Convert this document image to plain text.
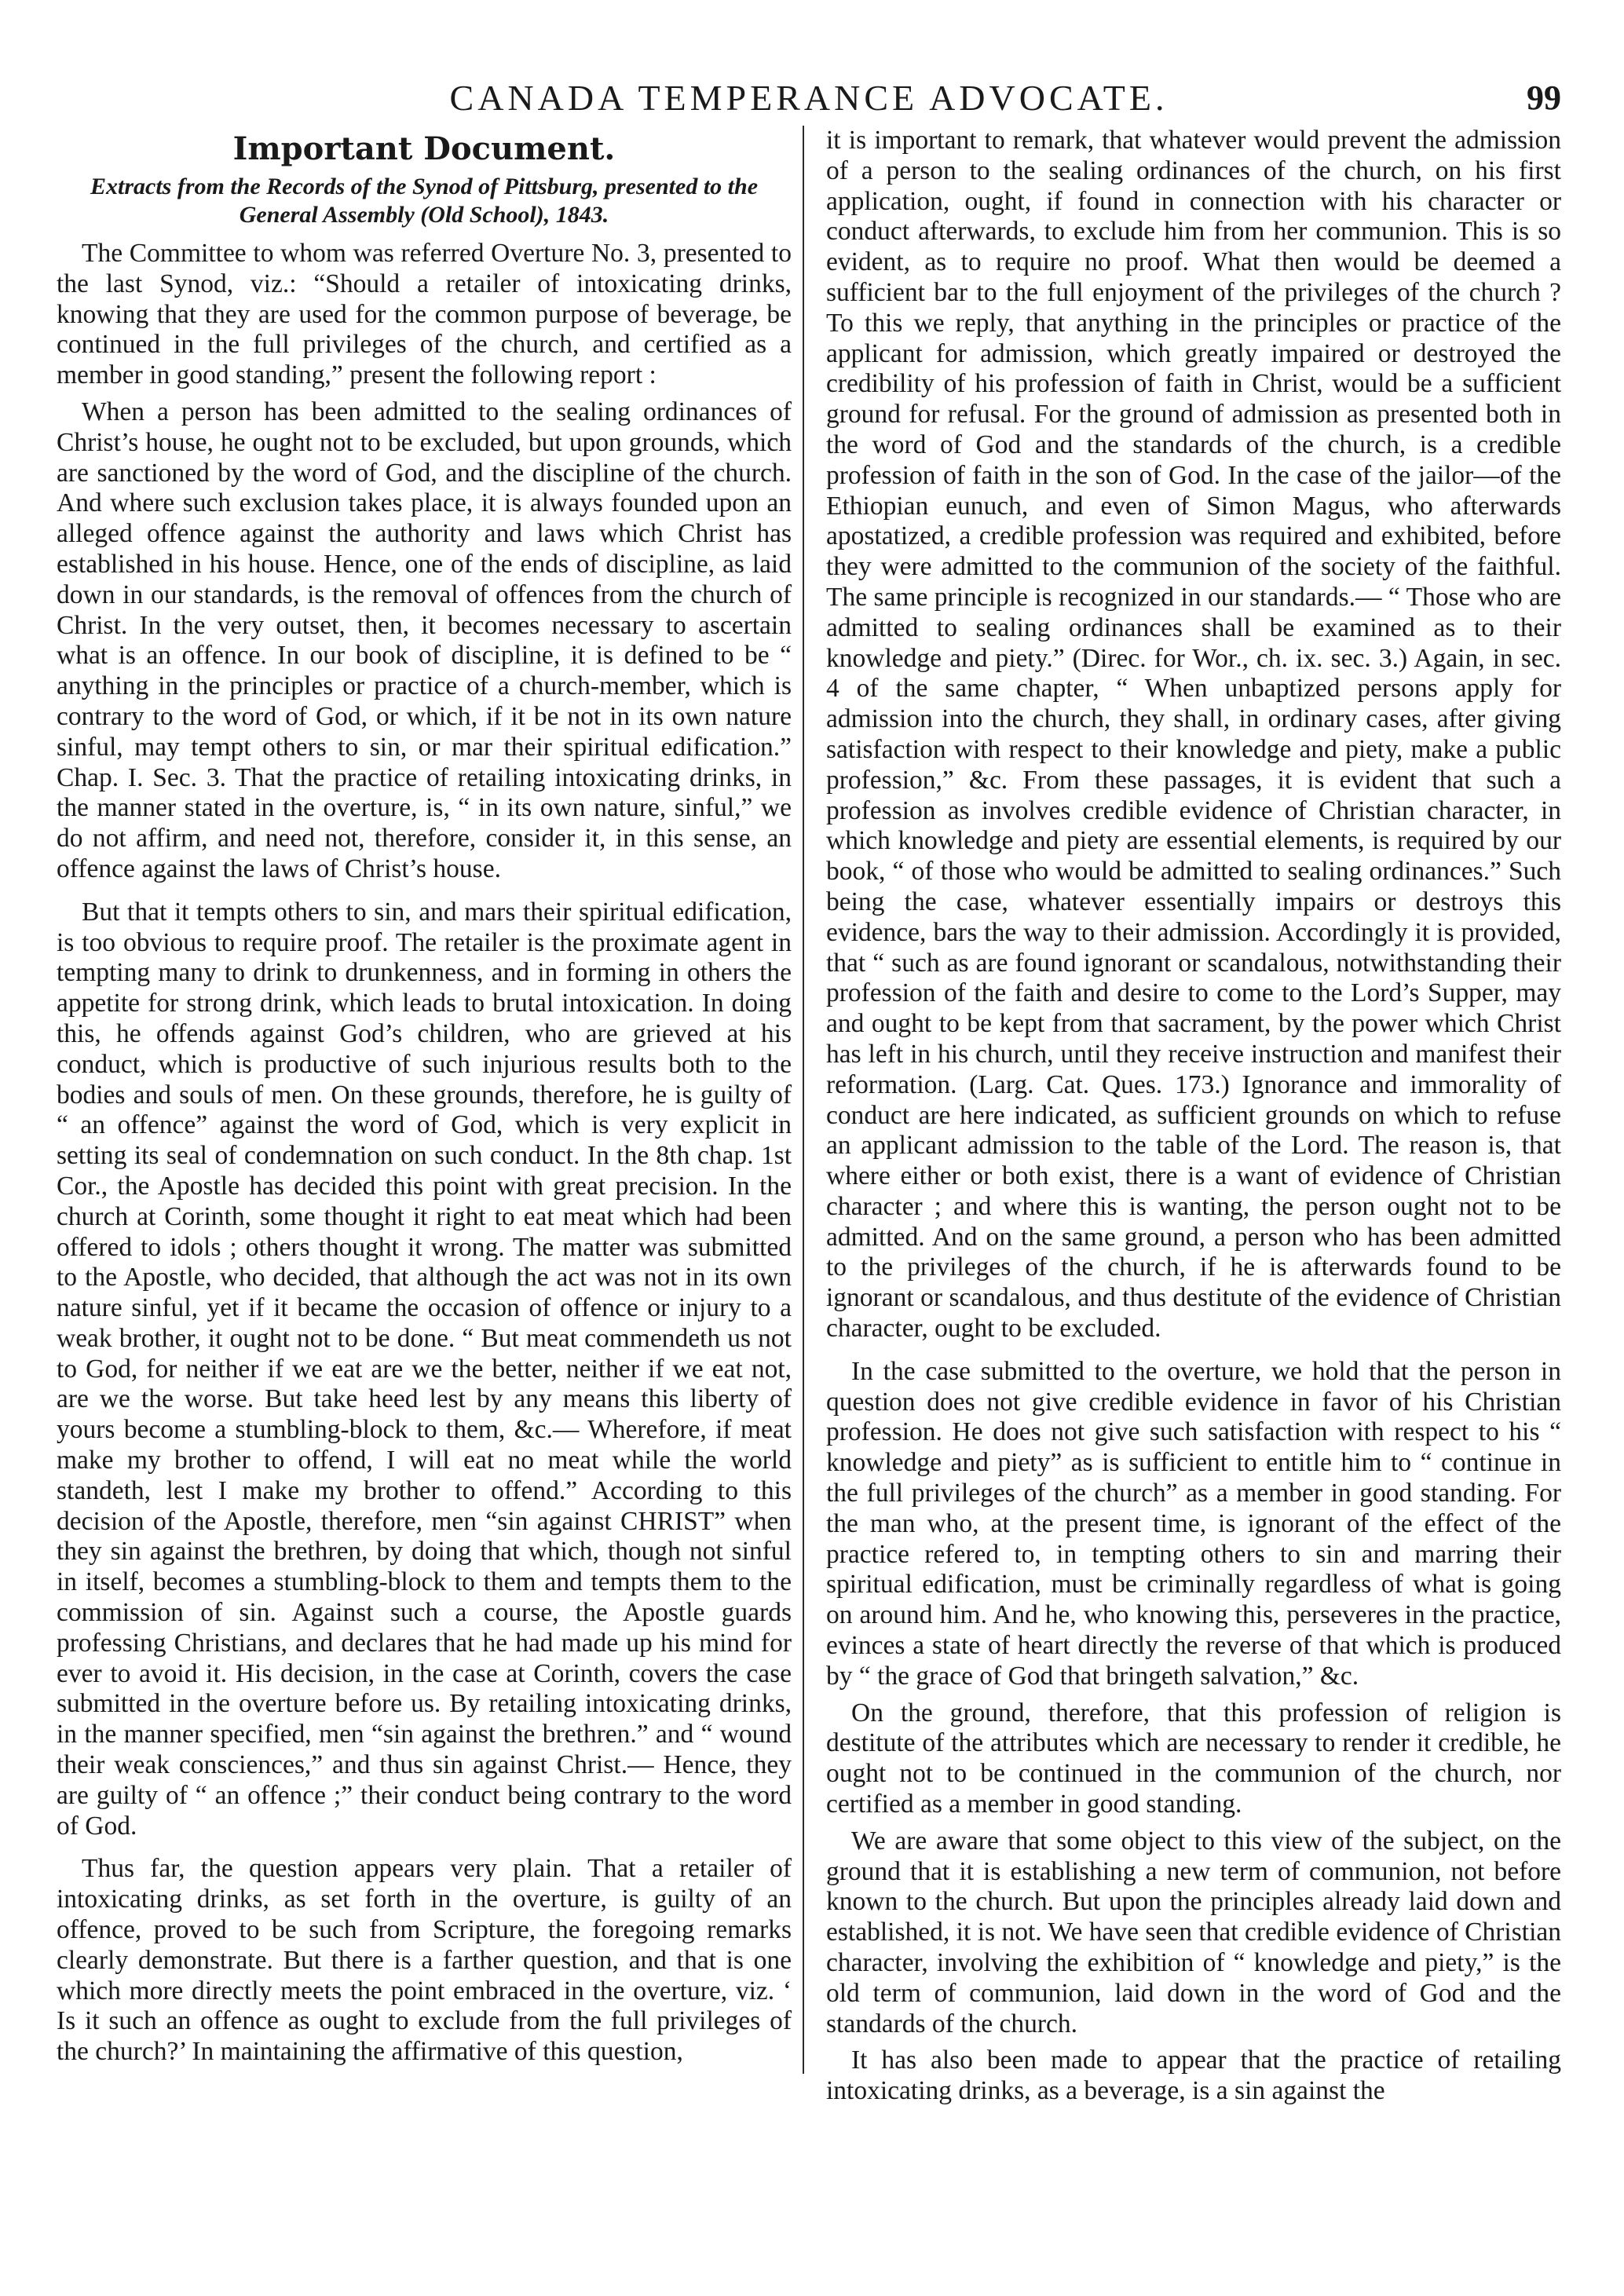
CANADA TEMPERANCE ADVOCATE.	99
Important Document.
Extracts from the Records of the Synod of Pittsburg, presented to the General Assembly (Old School), 1843.

The Committee to whom was referred Overture No. 3, presented to the last Synod, viz.: “Should a retailer of intoxicating drinks, knowing that they are used for the common purpose of beverage, be continued in the full privileges of the church, and certified as a member in good standing,” present the following report :

When a person has been admitted to the sealing ordinances of Christ’s house, he ought not to be excluded, but upon grounds, which are sanctioned by the word of God, and the discipline of the church. And where such exclusion takes place, it is always founded upon an alleged offence against the authority and laws which Christ has established in his house. Hence, one of the ends of discipline, as laid down in our standards, is the removal of offences from the church of Christ. In the very outset, then, it becomes necessary to ascertain what is an offence. In our book of discipline, it is defined to be “ anything in the principles or practice of a church-member, which is contrary to the word of God, or which, if it be not in its own nature sinful, may tempt others to sin, or mar their spiritual edification.” Chap. I. Sec. 3. That the practice of retailing intoxicating drinks, in the manner stated in the overture, is, “ in its own nature, sinful,” we do not affirm, and need not, therefore, consider it, in this sense, an offence against the laws of Christ’s house.

But that it tempts others to sin, and mars their spiritual edification, is too obvious to require proof. The retailer is the proximate agent in tempting many to drink to drunkenness, and in forming in others the appetite for strong drink, which leads to brutal intoxication. In doing this, he offends against God’s children, who are grieved at his conduct, which is productive of such injurious results both to the bodies and souls of men. On these grounds, therefore, he is guilty of “ an offence” against the word of God, which is very explicit in setting its seal of condemnation on such conduct. In the 8th chap. 1st Cor., the Apostle has decided this point with great precision. In the church at Corinth, some thought it right to eat meat which had been offered to idols ; others thought it wrong. The matter was submitted to the Apostle, who decided, that although the act was not in its own nature sinful, yet if it became the occasion of offence or injury to a weak brother, it ought not to be done. “ But meat commendeth us not to God, for neither if we eat are we the better, neither if we eat not, are we the worse. But take heed lest by any means this liberty of yours become a stumbling-block to them, &c.— Wherefore, if meat make my brother to offend, I will eat no meat while the world standeth, lest I make my brother to offend.” According to this decision of the Apostle, therefore, men “sin against CHRIST” when they sin against the brethren, by doing that which, though not sinful in itself, becomes a stumbling-block to them and tempts them to the commission of sin. Against such a course, the Apostle guards professing Christians, and declares that he had made up his mind for ever to avoid it. His decision, in the case at Corinth, covers the case submitted in the overture before us. By retailing intoxicating drinks, in the manner specified, men “sin against the brethren.” and “ wound their weak consciences,” and thus sin against Christ.— Hence, they are guilty of “ an offence ;” their conduct being contrary to the word of God.

Thus far, the question appears very plain. That a retailer of intoxicating drinks, as set forth in the overture, is guilty of an offence, proved to be such from Scripture, the foregoing remarks clearly demonstrate. But there is a farther question, and that is one which more directly meets the point embraced in the overture, viz. ‘ Is it such an offence as ought to exclude from the full privileges of the church?’ In maintaining the affirmative of this question,

it is important to remark, that whatever would prevent the admission of a person to the sealing ordinances of the church, on his first application, ought, if found in connection with his character or conduct afterwards, to exclude him from her communion. This is so evident, as to require no proof. What then would be deemed a sufficient bar to the full enjoyment of the privileges of the church ? To this we reply, that anything in the principles or practice of the applicant for admission, which greatly impaired or destroyed the credibility of his profession of faith in Christ, would be a sufficient ground for refusal. For the ground of admission as presented both in the word of God and the standards of the church, is a credible profession of faith in the son of God. In the case of the jailor—of the Ethiopian eunuch, and even of Simon Magus, who afterwards apostatized, a credible profession was required and exhibited, before they were admitted to the communion of the society of the faithful. The same principle is recognized in our standards.— “ Those who are admitted to sealing ordinances shall be examined as to their knowledge and piety.” (Direc. for Wor., ch. ix. sec. 3.) Again, in sec. 4 of the same chapter, “ When unbaptized persons apply for admission into the church, they shall, in ordinary cases, after giving satisfaction with respect to their knowledge and piety, make a public profession,” &c. From these passages, it is evident that such a profession as involves credible evidence of Christian character, in which knowledge and piety are essential elements, is required by our book, “ of those who would be admitted to sealing ordinances.” Such being the case, whatever essentially impairs or destroys this evidence, bars the way to their admission. Accordingly it is provided, that “ such as are found ignorant or scandalous, notwithstanding their profession of the faith and desire to come to the Lord’s Supper, may and ought to be kept from that sacrament, by the power which Christ has left in his church, until they receive instruction and manifest their reformation. (Larg. Cat. Ques. 173.) Ignorance and immorality of conduct are here indicated, as sufficient grounds on which to refuse an applicant admission to the table of the Lord. The reason is, that where either or both exist, there is a want of evidence of Christian character ; and where this is wanting, the person ought not to be admitted. And on the same ground, a person who has been admitted to the privileges of the church, if he is afterwards found to be ignorant or scandalous, and thus destitute of the evidence of Christian character, ought to be excluded.

In the case submitted to the overture, we hold that the person in question does not give credible evidence in favor of his Christian profession. He does not give such satisfaction with respect to his “ knowledge and piety” as is sufficient to entitle him to “ continue in the full privileges of the church” as a member in good standing. For the man who, at the present time, is ignorant of the effect of the practice refered to, in tempting others to sin and marring their spiritual edification, must be criminally regardless of what is going on around him. And he, who knowing this, perseveres in the practice, evinces a state of heart directly the reverse of that which is produced by “ the grace of God that bringeth salvation,” &c.

On the ground, therefore, that this profession of religion is destitute of the attributes which are necessary to render it credible, he ought not to be continued in the communion of the church, nor certified as a member in good standing.

We are aware that some object to this view of the subject, on the ground that it is establishing a new term of communion, not before known to the church. But upon the principles already laid down and established, it is not. We have seen that credible evidence of Christian character, involving the exhibition of “ knowledge and piety,” is the old term of communion, laid down in the word of God and the standards of the church.

It has also been made to appear that the practice of retailing intoxicating drinks, as a beverage, is a sin against the
